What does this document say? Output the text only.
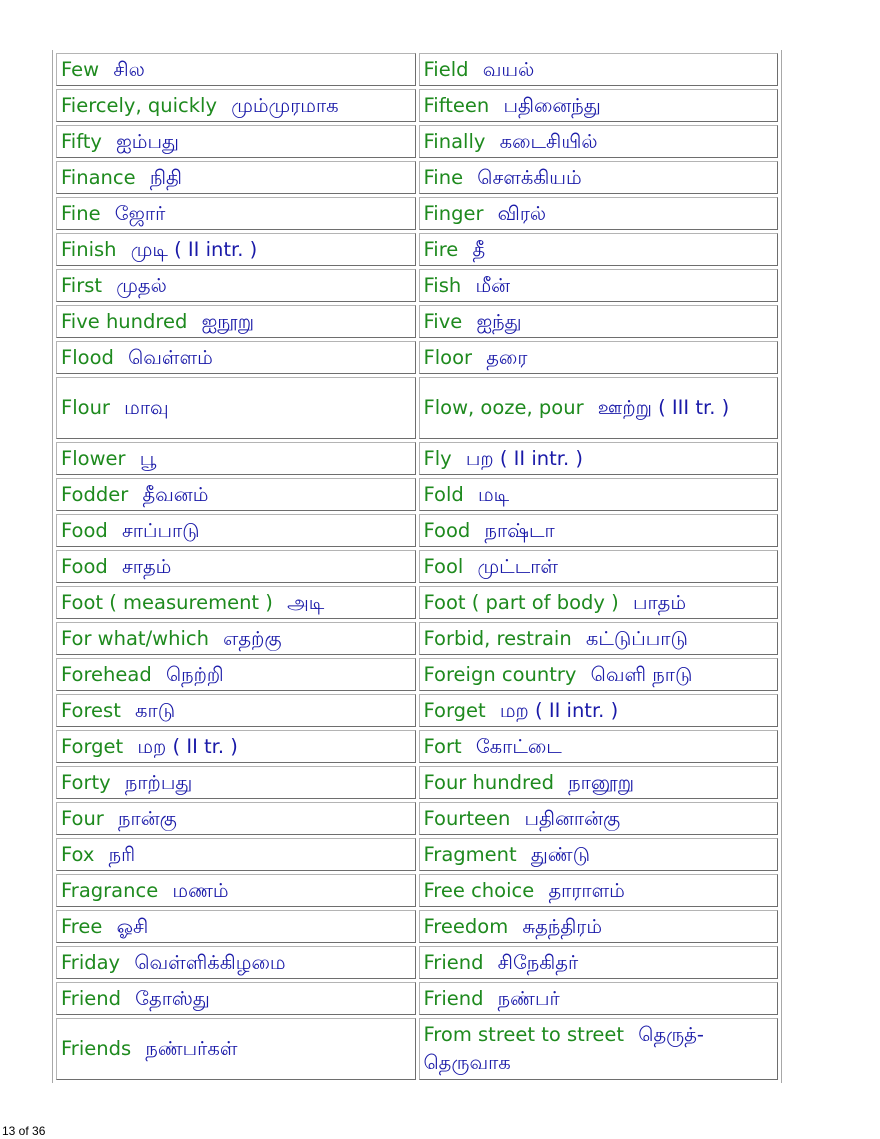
Few சில	Field வயல்
Fiercely, quickly மும்முரமாக	Fifteen பதினைந்து
Fifty ஐம்பது	Finally கடைசியில்
Finance நிதி	Fine சௌக்கியம்
Fine ஜோர்	Finger விரல்
Finish முடி ( II intr. )	Fire தீ
First முதல்	Fish மீன்
Five hundred ஐநூறு	Five ஐந்து
Flood வெள்ளம்	Floor தரை
Flour மாவு	Flow, ooze, pour ஊற்று ( III tr. )
Flower பூ	Fly பற ( II intr. )
Fodder தீவனம்	Fold மடி
Food சாப்பாடு	Food நாஷ்டா
Food சாதம்	Fool முட்டாள்
Foot ( measurement ) அடி	Foot ( part of body ) பாதம்
For what/which எதற்கு	Forbid, restrain கட்டுப்பாடு
Forehead நெற்றி	Foreign country வெளி நாடு
Forest காடு	Forget மற ( II intr. )
Forget மற ( II tr. )	Fort கோட்டை
Forty நாற்பது	Four hundred நானூறு
Four நான்கு	Fourteen பதினான்கு
Fox நரி	Fragment துண்டு
Fragrance மணம்	Free choice தாராளம்
Free ஓசி	Freedom சுதந்திரம்
Friday வெள்ளிக்கிழமை	Friend சிநேகிதர்
Friend தோஸ்து	Friend நண்பர்
Friends நண்பர்கள்	From street to street தெருத்-தெருவாக
13 of 36
